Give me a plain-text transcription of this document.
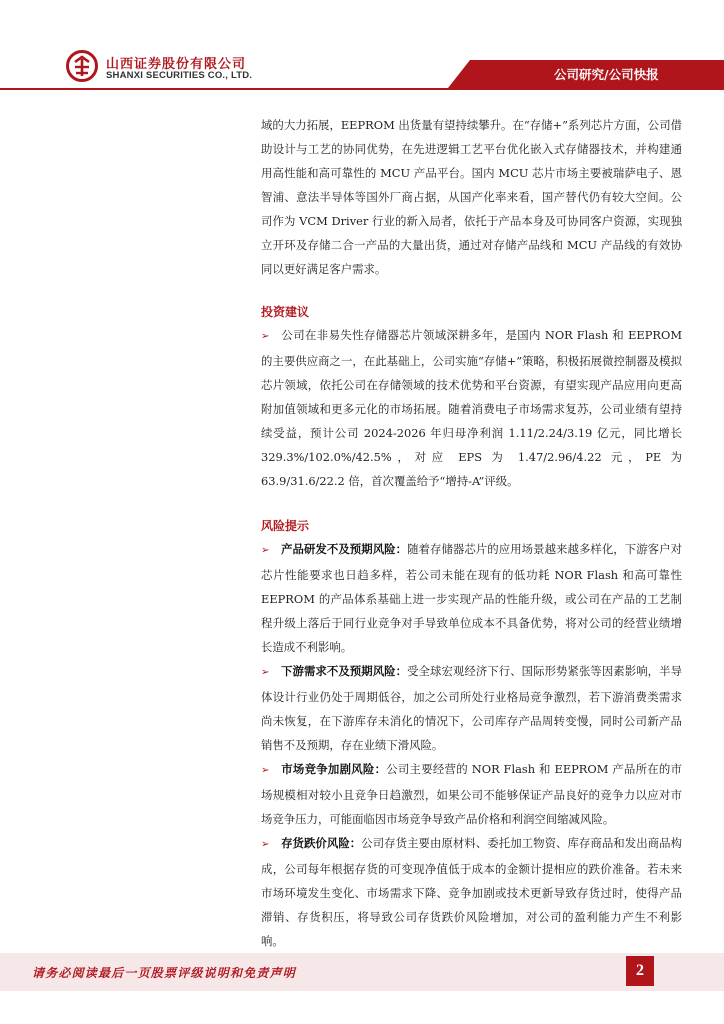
山西证券股份有限公司
SHANXI SECURITIES CO., LTD.	公司研究/公司快报

域的大力拓展，EEPROM 出货量有望持续攀升。在“存储+”系列芯片方面，公司借助设计与工艺的协同优势，在先进逻辑工艺平台优化嵌入式存储器技术，并构建通用高性能和高可靠性的 MCU 产品平台。国内 MCU 芯片市场主要被瑞萨电子、恩智浦、意法半导体等国外厂商占据，从国产化率来看，国产替代仍有较大空间。公司作为 VCM Driver 行业的新入局者，依托于产品本身及可协同客户资源，实现独立开环及存储二合一产品的大量出货，通过对存储产品线和 MCU 产品线的有效协同以更好满足客户需求。

投资建议

➢ 公司在非易失性存储器芯片领域深耕多年，是国内 NOR Flash 和 EEPROM 的主要供应商之一，在此基础上，公司实施“存储+”策略，积极拓展微控制器及模拟芯片领域，依托公司在存储领域的技术优势和平台资源，有望实现产品应用向更高附加值领域和更多元化的市场拓展。随着消费电子市场需求复苏，公司业绩有望持续受益，预计公司 2024-2026 年归母净利润 1.11/2.24/3.19 亿元，同比增长 329.3%/102.0%/42.5%，对应 EPS 为 1.47/2.96/4.22 元，PE 为 63.9/31.6/22.2 倍，首次覆盖给予“增持-A”评级。

风险提示

➢ 产品研发不及预期风险：随着存储器芯片的应用场景越来越多样化，下游客户对芯片性能要求也日趋多样，若公司未能在现有的低功耗 NOR Flash 和高可靠性 EEPROM 的产品体系基础上进一步实现产品的性能升级，或公司在产品的工艺制程升级上落后于同行业竞争对手导致单位成本不具备优势，将对公司的经营业绩增长造成不利影响。

➢ 下游需求不及预期风险：受全球宏观经济下行、国际形势紧张等因素影响，半导体设计行业仍处于周期低谷，加之公司所处行业格局竞争激烈，若下游消费类需求尚未恢复，在下游库存未消化的情况下，公司库存产品周转变慢，同时公司新产品销售不及预期，存在业绩下滑风险。

➢ 市场竞争加剧风险：公司主要经营的 NOR Flash 和 EEPROM 产品所在的市场规模相对较小且竞争日趋激烈，如果公司不能够保证产品良好的竞争力以应对市场竞争压力，可能面临因市场竞争导致产品价格和利润空间缩减风险。

➢ 存货跌价风险：公司存货主要由原材料、委托加工物资、库存商品和发出商品构成，公司每年根据存货的可变现净值低于成本的金额计提相应的跌价准备。若未来市场环境发生变化、市场需求下降、竞争加剧或技术更新导致存货过时，使得产品滞销、存货积压，将导致公司存货跌价风险增加，对公司的盈利能力产生不利影响。

请务必阅读最后一页股票评级说明和免责声明	2
